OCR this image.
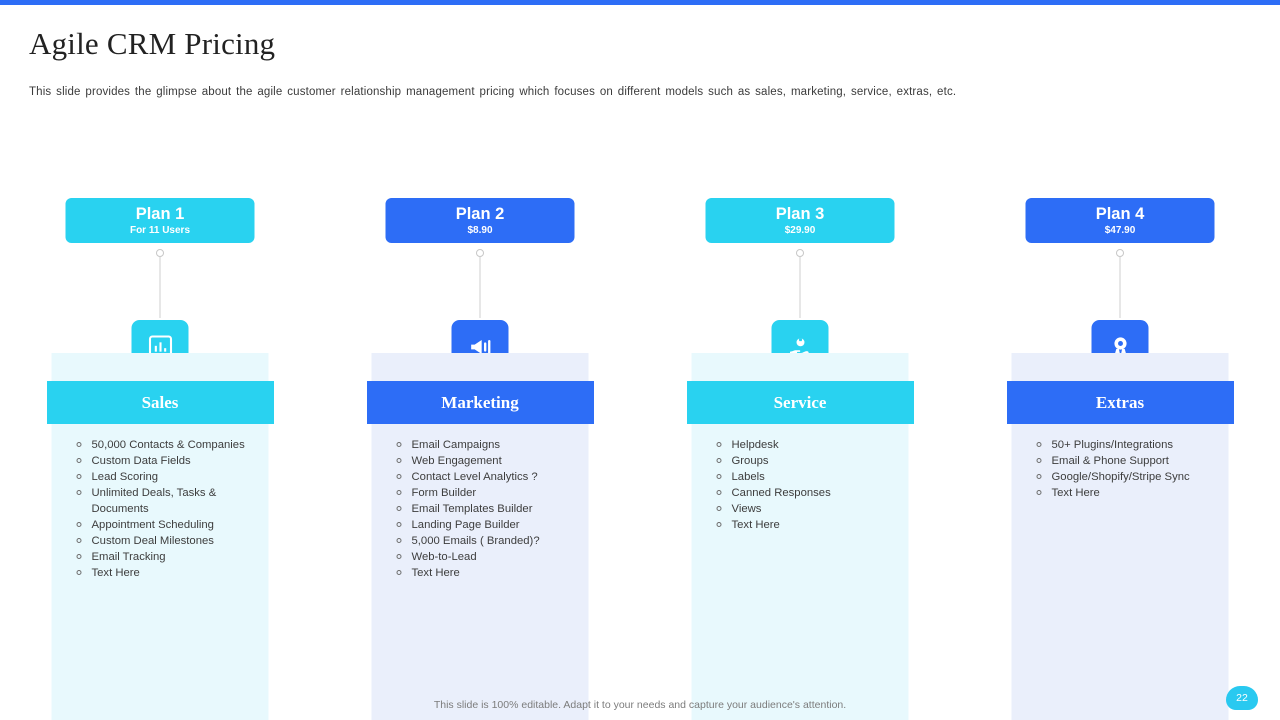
Agile CRM Pricing
This slide provides the glimpse about the agile customer relationship management pricing which focuses on different models such as sales, marketing, service, extras, etc.
Plan 1
For 11 Users
Sales
50,000 Contacts & Companies
Custom Data Fields
Lead Scoring
Unlimited Deals, Tasks & Documents
Appointment Scheduling
Custom Deal Milestones
Email Tracking
Text Here
Plan 2
$8.90
Marketing
Email Campaigns
Web Engagement
Contact Level Analytics ?
Form Builder
Email Templates Builder
Landing Page Builder
5,000 Emails ( Branded)?
Web-to-Lead
Text Here
Plan 3
$29.90
Service
Helpdesk
Groups
Labels
Canned Responses
Views
Text Here
Plan 4
$47.90
Extras
50+ Plugins/Integrations
Email & Phone Support
Google/Shopify/Stripe Sync
Text Here
This slide is 100% editable. Adapt it to your needs and capture your audience's attention.
22
